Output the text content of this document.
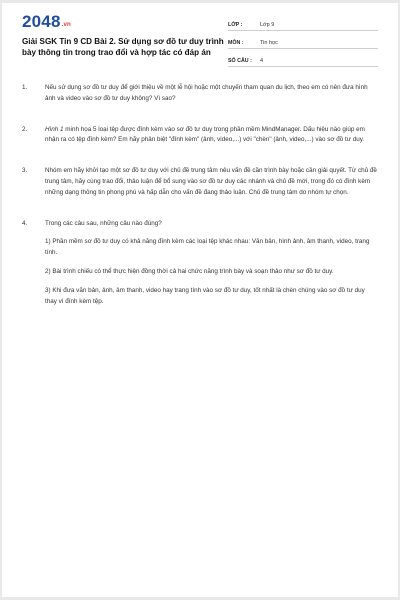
2048.vn
Giải SGK Tin 9 CD Bài 2. Sử dụng sơ đồ tư duy trình bày thông tin trong trao đổi và hợp tác có đáp án
LỚP :	Lớp 9
MÔN :	Tin học
SỐ CÂU :	4
1.	Nếu sử dụng sơ đồ tư duy để giới thiệu về một lễ hội hoặc một chuyến tham quan du lịch, theo em có nên đưa hình ảnh và video vào sơ đồ tư duy không? Vì sao?
2.	Hình 1 minh họa 5 loại tệp được đính kèm vào sơ đồ tư duy trong phần mềm MindManager. Dấu hiệu nào giúp em nhận ra có tệp đính kèm? Em hãy phân biệt "đính kèm" (ảnh, video,...) với "chèn" (ảnh, video,...) vào sơ đồ tư duy.
3.	Nhóm em hãy khởi tạo một sơ đồ tư duy với chủ đề trung tâm nêu vấn đề cần trình bày hoặc cần giải quyết. Từ chủ đề trung tâm, hãy cùng trao đổi, thảo luận để bổ sung vào sơ đồ tư duy các nhánh và chủ đề mới, trong đó có đính kèm những dạng thông tin phong phú và hấp dẫn cho vấn đề đang thảo luận. Chủ đề trung tâm do nhóm tự chọn.
4.	Trong các câu sau, những câu nào đúng?
1) Phần mềm sơ đồ tư duy có khả năng đính kèm các loại tệp khác nhau: Văn bản, hình ảnh, âm thanh, video, trang tính.
2) Bài trình chiếu có thể thực hiện đồng thời cả hai chức năng trình bày và soạn thảo như sơ đồ tư duy.
3) Khi đưa văn bản, ảnh, âm thanh, video hay trang tính vào sơ đồ tư duy, tốt nhất là chèn chúng vào sơ đồ tư duy thay vì đính kèm tệp.
